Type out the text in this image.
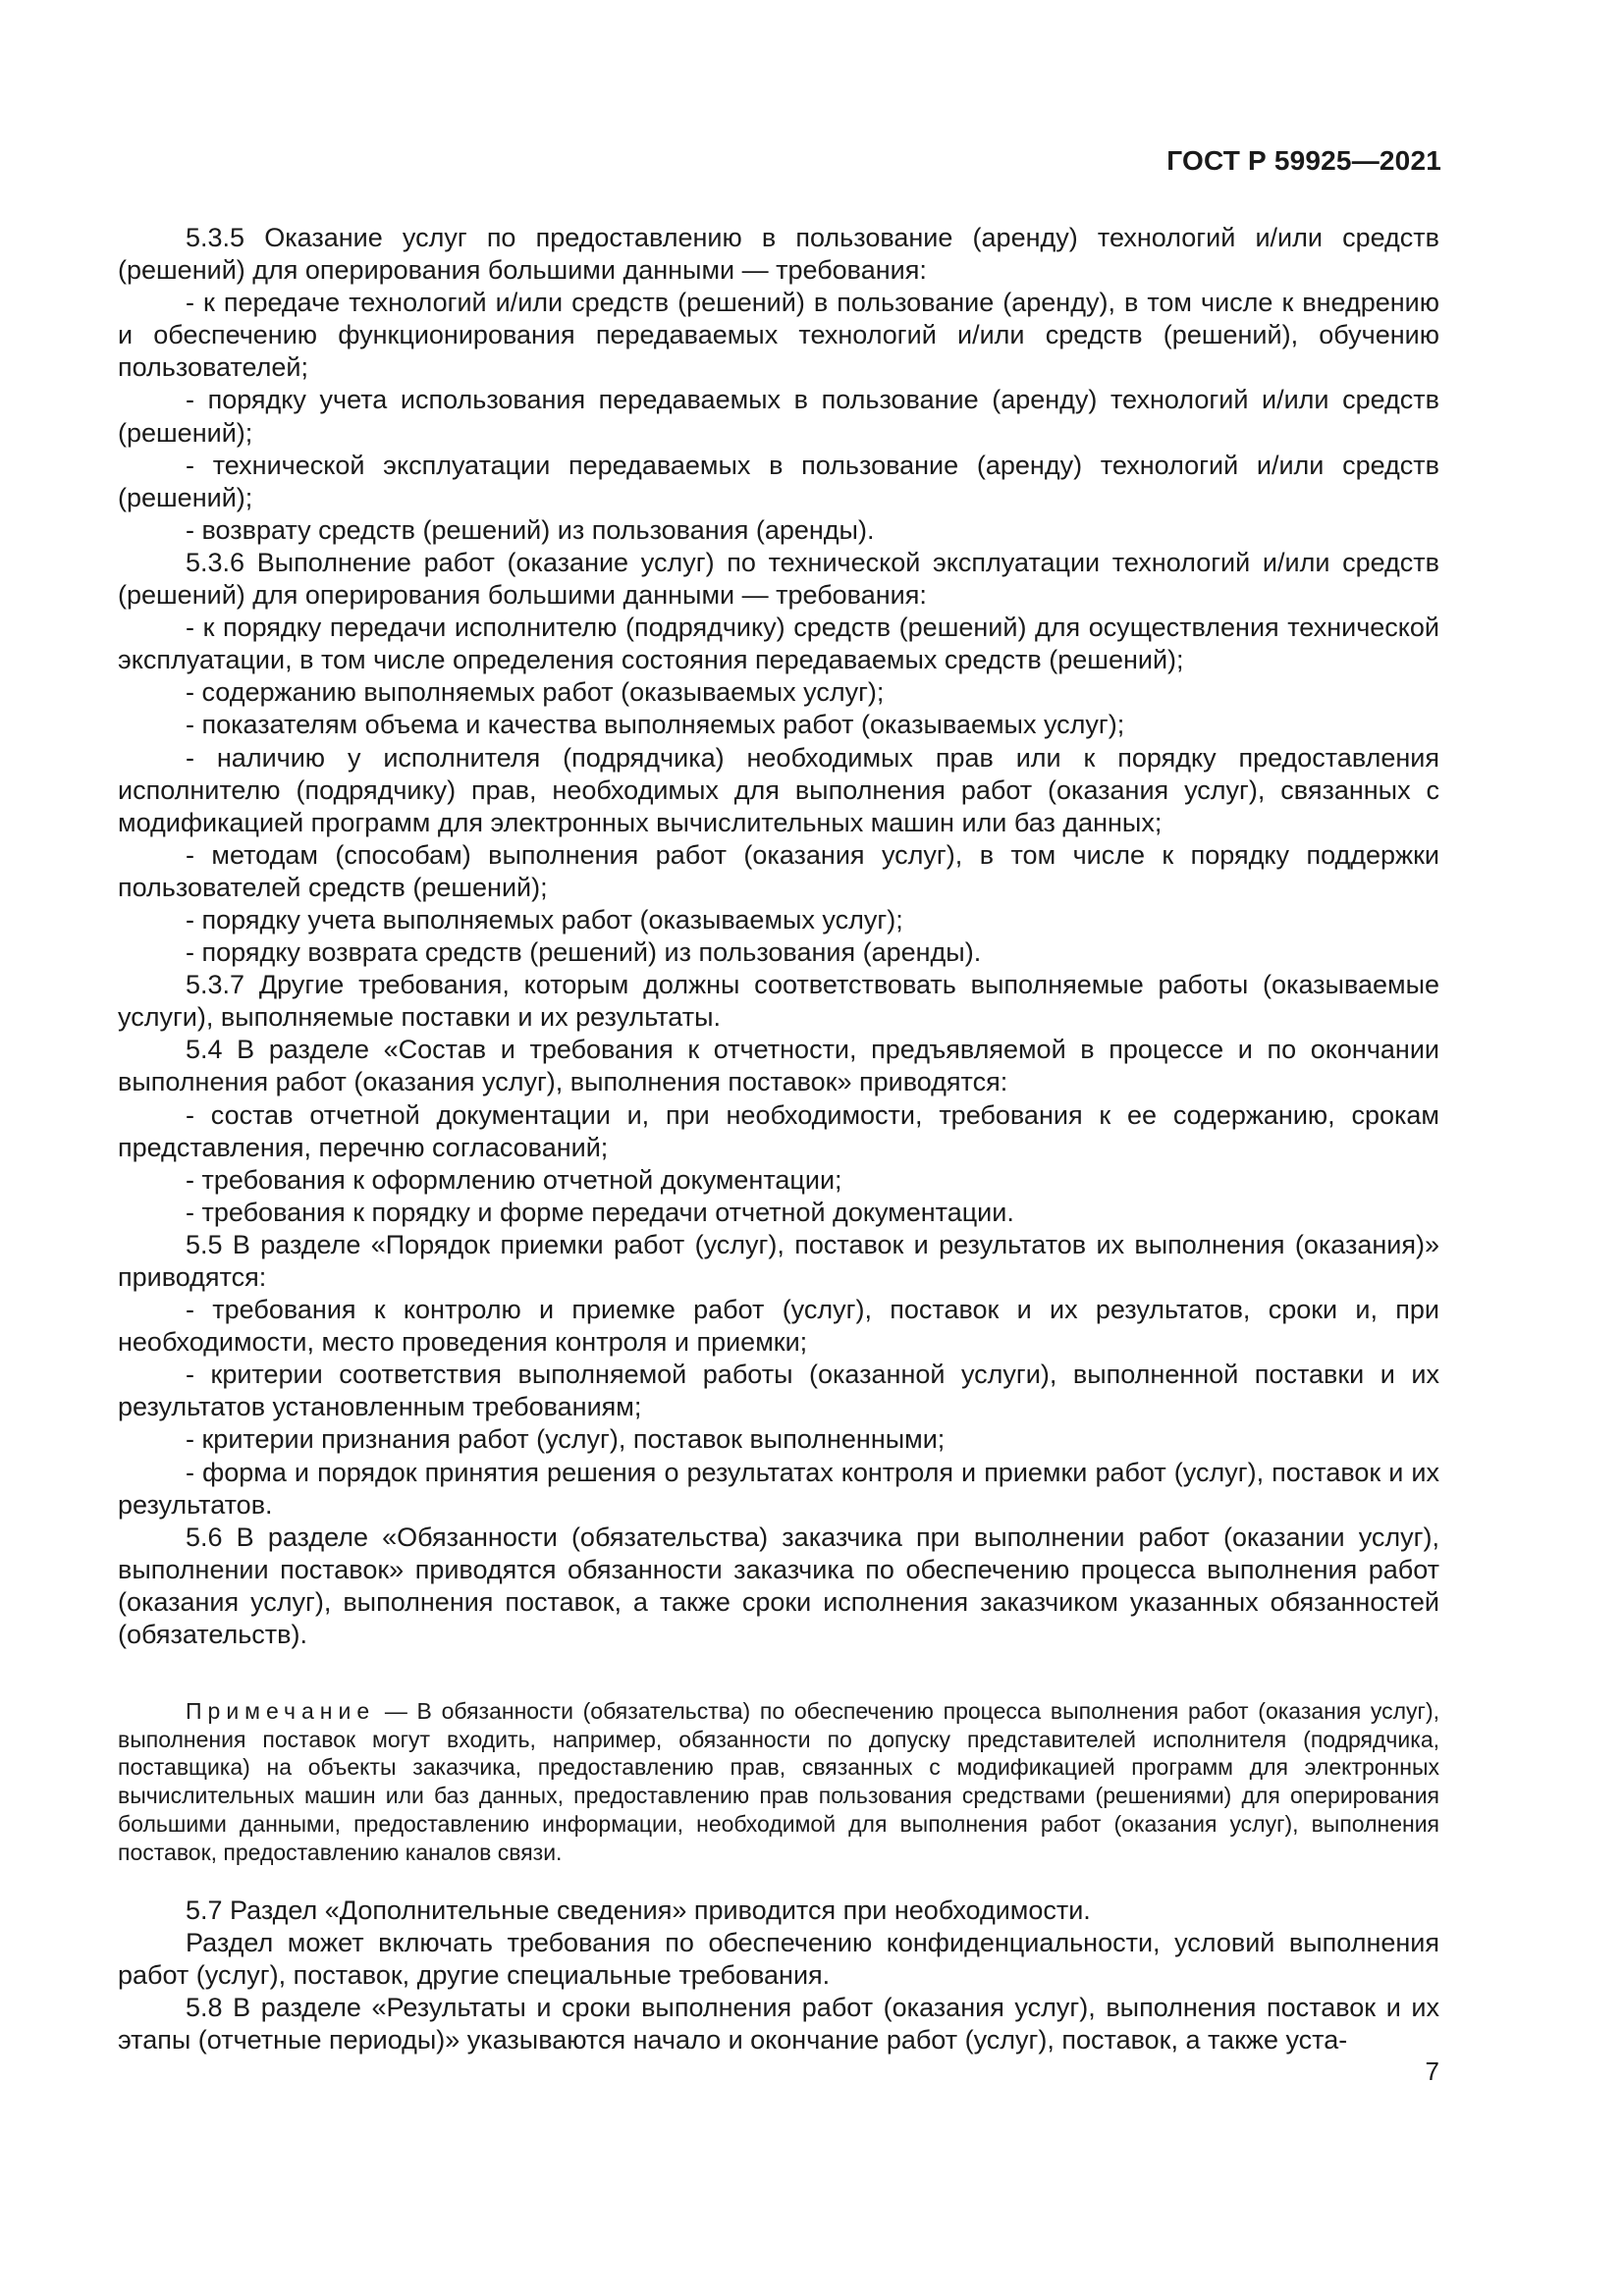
ГОСТ Р 59925—2021

5.3.5 Оказание услуг по предоставлению в пользование (аренду) технологий и/или средств (решений) для оперирования большими данными — требования:

- к передаче технологий и/или средств (решений) в пользование (аренду), в том числе к внедрению и обеспечению функционирования передаваемых технологий и/или средств (решений), обучению пользователей;

- порядку учета использования передаваемых в пользование (аренду) технологий и/или средств (решений);

- технической эксплуатации передаваемых в пользование (аренду) технологий и/или средств (решений);

- возврату средств (решений) из пользования (аренды).

5.3.6 Выполнение работ (оказание услуг) по технической эксплуатации технологий и/или средств (решений) для оперирования большими данными — требования:

- к порядку передачи исполнителю (подрядчику) средств (решений) для осуществления технической эксплуатации, в том числе определения состояния передаваемых средств (решений);

- содержанию выполняемых работ (оказываемых услуг);

- показателям объема и качества выполняемых работ (оказываемых услуг);

- наличию у исполнителя (подрядчика) необходимых прав или к порядку предоставления исполнителю (подрядчику) прав, необходимых для выполнения работ (оказания услуг), связанных с модификацией программ для электронных вычислительных машин или баз данных;

- методам (способам) выполнения работ (оказания услуг), в том числе к порядку поддержки пользователей средств (решений);

- порядку учета выполняемых работ (оказываемых услуг);

- порядку возврата средств (решений) из пользования (аренды).

5.3.7 Другие требования, которым должны соответствовать выполняемые работы (оказываемые услуги), выполняемые поставки и их результаты.

5.4 В разделе «Состав и требования к отчетности, предъявляемой в процессе и по окончании выполнения работ (оказания услуг), выполнения поставок» приводятся:

- состав отчетной документации и, при необходимости, требования к ее содержанию, срокам представления, перечню согласований;

- требования к оформлению отчетной документации;

- требования к порядку и форме передачи отчетной документации.

5.5 В разделе «Порядок приемки работ (услуг), поставок и результатов их выполнения (оказания)» приводятся:

- требования к контролю и приемке работ (услуг), поставок и их результатов, сроки и, при необходимости, место проведения контроля и приемки;

- критерии соответствия выполняемой работы (оказанной услуги), выполненной поставки и их результатов установленным требованиям;

- критерии признания работ (услуг), поставок выполненными;

- форма и порядок принятия решения о результатах контроля и приемки работ (услуг), поставок и их результатов.

5.6 В разделе «Обязанности (обязательства) заказчика при выполнении работ (оказании услуг), выполнении поставок» приводятся обязанности заказчика по обеспечению процесса выполнения работ (оказания услуг), выполнения поставок, а также сроки исполнения заказчиком указанных обязанностей (обязательств).

Примечание — В обязанности (обязательства) по обеспечению процесса выполнения работ (оказания услуг), выполнения поставок могут входить, например, обязанности по допуску представителей исполнителя (подрядчика, поставщика) на объекты заказчика, предоставлению прав, связанных с модификацией программ для электронных вычислительных машин или баз данных, предоставлению прав пользования средствами (решениями) для оперирования большими данными, предоставлению информации, необходимой для выполнения работ (оказания услуг), выполнения поставок, предоставлению каналов связи.

5.7 Раздел «Дополнительные сведения» приводится при необходимости.

Раздел может включать требования по обеспечению конфиденциальности, условий выполнения работ (услуг), поставок, другие специальные требования.

5.8 В разделе «Результаты и сроки выполнения работ (оказания услуг), выполнения поставок и их этапы (отчетные периоды)» указываются начало и окончание работ (услуг), поставок, а также уста-

7
